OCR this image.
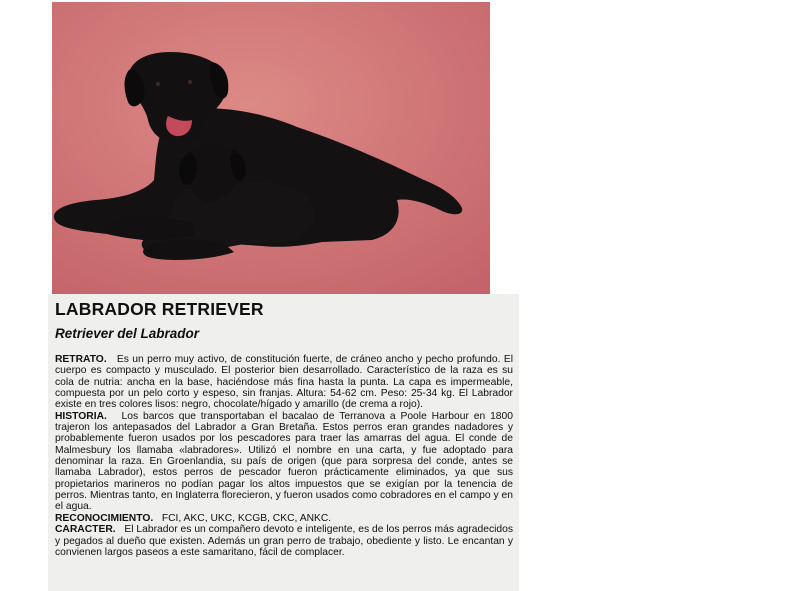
LABRADOR RETRIEVER
Retriever del Labrador

RETRATO. Es un perro muy activo, de constitución fuerte, de cráneo ancho y pecho profundo. El cuerpo es compacto y musculado. El posterior bien desarrollado. Característico de la raza es su cola de nutria: ancha en la base, haciéndose más fina hasta la punta. La capa es impermeable, compuesta por un pelo corto y espeso, sin franjas. Altura: 54-62 cm. Peso: 25-34 kg. El Labrador existe en tres colores lisos: negro, chocolate/hígado y amarillo (de crema a rojo).

HISTORIA. Los barcos que transportaban el bacalao de Terranova a Poole Harbour en 1800 trajeron los antepasados del Labrador a Gran Bretaña. Estos perros eran grandes nadadores y probablemente fueron usados por los pescadores para traer las amarras del agua. El conde de Malmesbury los llamaba «labradores». Utilizó el nombre en una carta, y fue adoptado para denominar la raza. En Groenlandia, su país de origen (que para sorpresa del conde, antes se llamaba Labrador), estos perros de pescador fueron prácticamente eliminados, ya que sus propietarios marineros no podían pagar los altos impuestos que se exigían por la tenencia de perros. Mientras tanto, en Inglaterra florecieron, y fueron usados como cobradores en el campo y en el agua.

RECONOCIMIENTO. FCI, AKC, UKC, KCGB, CKC, ANKC.

CARACTER. El Labrador es un compañero devoto e inteligente, es de los perros más agradecidos y pegados al dueño que existen. Además un gran perro de trabajo, obediente y listo. Le encantan y convienen largos paseos a este samaritano, fácil de complacer.
